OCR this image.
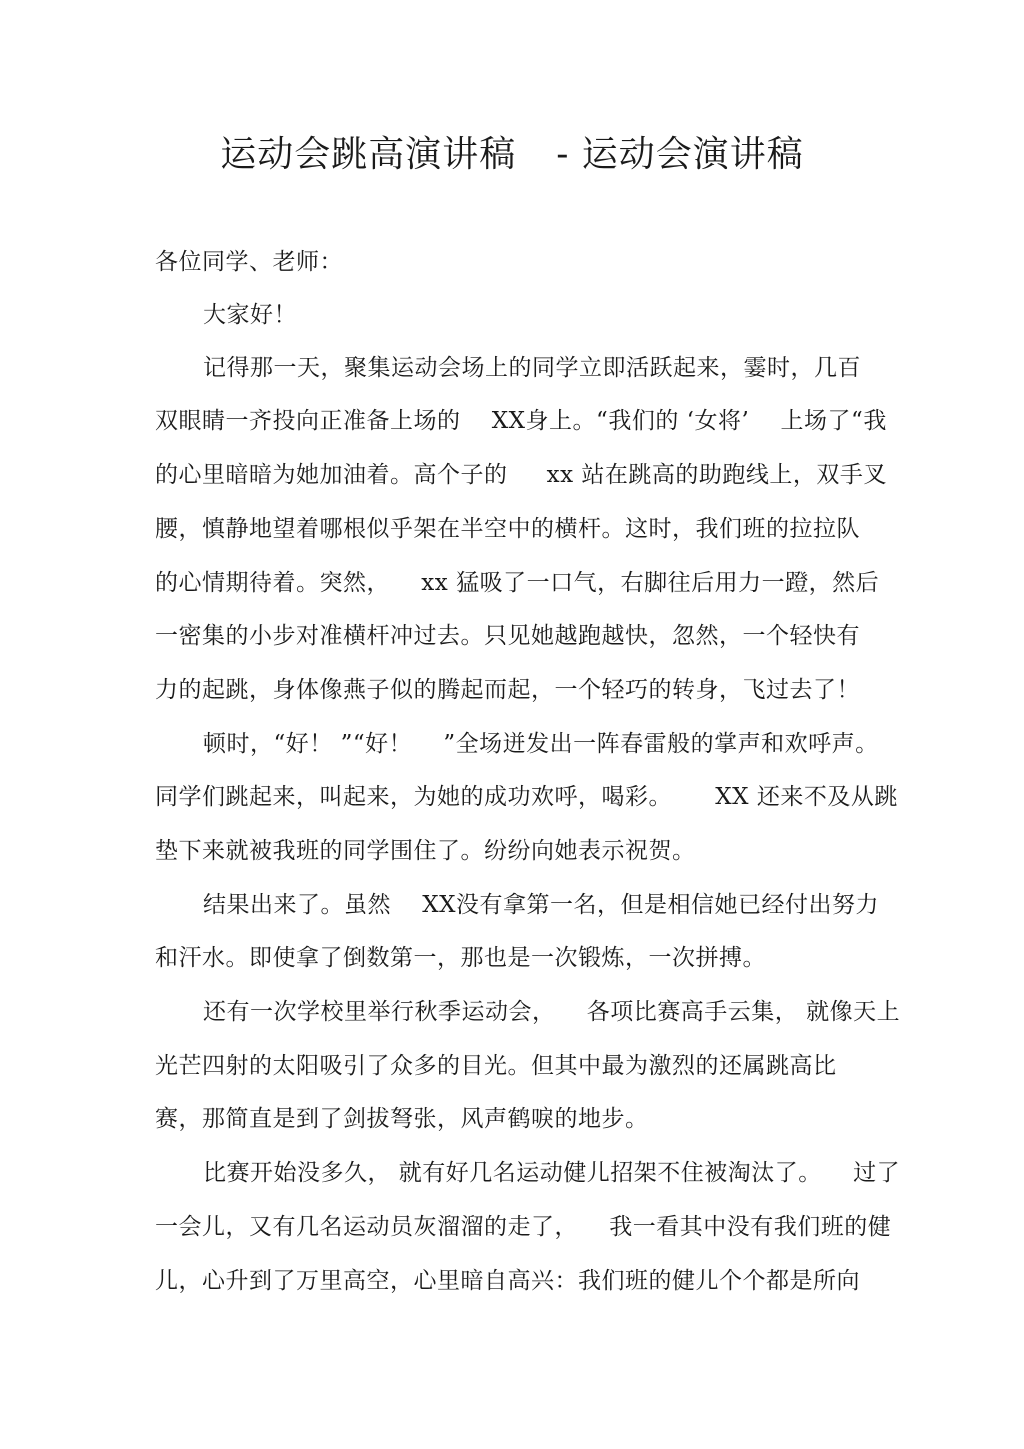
运动会跳高演讲稿 - 运动会演讲稿
各位同学、老师：
大家好！
记得那一天，聚集运动会场上的同学立即活跃起来，霎时，几百
双眼睛一齐投向正准备上场的　 XX身上。“我们的 ‘女将’ 　上场了“我
的心里暗暗为她加油着。高个子的 　 xx 站在跳高的助跑线上，双手叉
腰，慎静地望着哪根似乎架在半空中的横杆。这时，我们班的拉拉队
的心情期待着。突然， 　xx 猛吸了一口气，右脚往后用力一蹬，然后
一密集的小步对准横杆冲过去。只见她越跑越快，忽然，一个轻快有
力的起跳，身体像燕子似的腾起而起，一个轻巧的转身，飞过去了！
顿时，“好！ ”“好！ 　”全场迸发出一阵春雷般的掌声和欢呼声。
同学们跳起来，叫起来，为她的成功欢呼，喝彩。　 　XX 还来不及从跳
垫下来就被我班的同学围住了。纷纷向她表示祝贺。
结果出来了。虽然 　XX没有拿第一名，但是相信她已经付出努力
和汗水。即使拿了倒数第一，那也是一次锻炼，一次拼搏。
还有一次学校里举行秋季运动会， 　各项比赛高手云集， 就像天上
光芒四射的太阳吸引了众多的目光。但其中最为激烈的还属跳高比
赛，那简直是到了剑拔弩张，风声鹤唳的地步。
比赛开始没多久， 就有好几名运动健儿招架不住被淘汰了。 　过了
一会儿，又有几名运动员灰溜溜的走了， 　我一看其中没有我们班的健
儿，心升到了万里高空，心里暗自高兴：我们班的健儿个个都是所向
